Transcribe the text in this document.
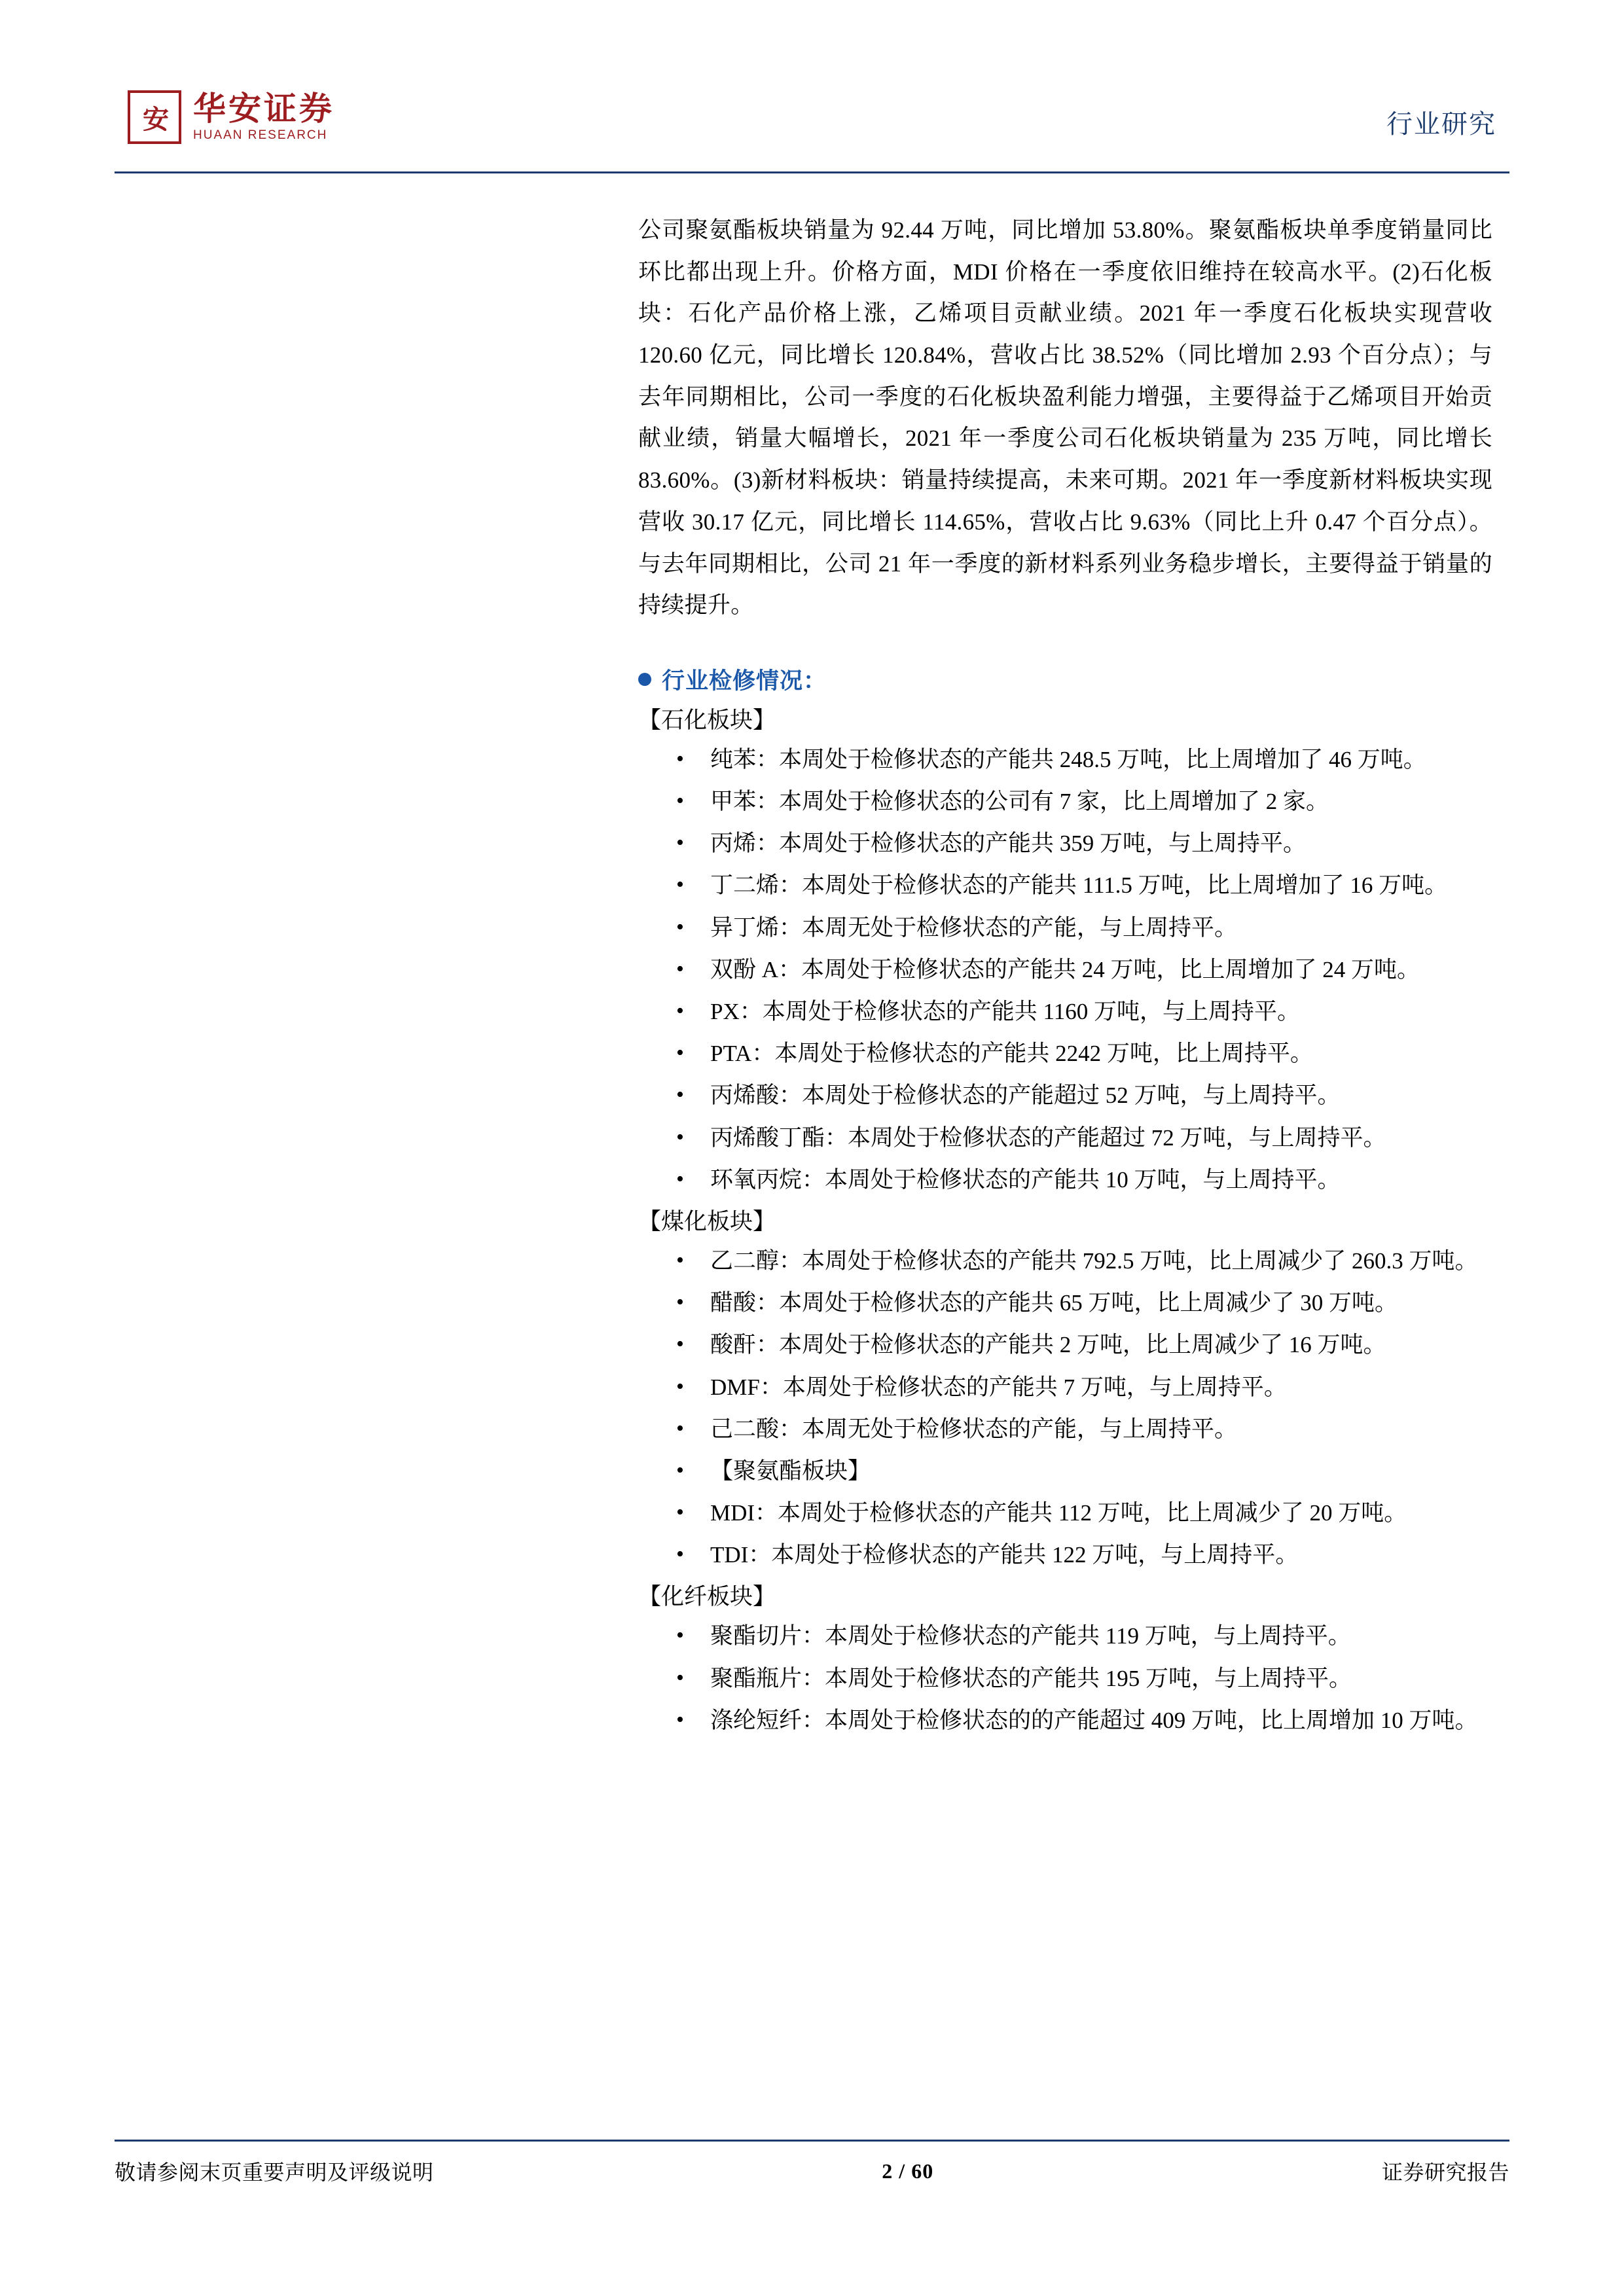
安 华安证券
HUAAN RESEARCH	行业研究

公司聚氨酯板块销量为 92.44 万吨，同比增加 53.80%。聚氨酯板块单季度销量同比环比都出现上升。价格方面，MDI 价格在一季度依旧维持在较高水平。(2)石化板块：石化产品价格上涨，乙烯项目贡献业绩。2021 年一季度石化板块实现营收 120.60 亿元，同比增长 120.84%，营收占比 38.52%（同比增加 2.93 个百分点）；与去年同期相比，公司一季度的石化板块盈利能力增强，主要得益于乙烯项目开始贡献业绩，销量大幅增长，2021 年一季度公司石化板块销量为 235 万吨，同比增长 83.60%。(3)新材料板块：销量持续提高，未来可期。2021 年一季度新材料板块实现营收 30.17 亿元，同比增长 114.65%，营收占比 9.63%（同比上升 0.47 个百分点）。与去年同期相比，公司 21 年一季度的新材料系列业务稳步增长，主要得益于销量的持续提升。

行业检修情况：
【石化板块】
• 纯苯：本周处于检修状态的产能共 248.5 万吨，比上周增加了 46 万吨。
• 甲苯：本周处于检修状态的公司有 7 家，比上周增加了 2 家。
• 丙烯：本周处于检修状态的产能共 359 万吨，与上周持平。
• 丁二烯：本周处于检修状态的产能共 111.5 万吨，比上周增加了 16 万吨。
• 异丁烯：本周无处于检修状态的产能，与上周持平。
• 双酚 A：本周处于检修状态的产能共 24 万吨，比上周增加了 24 万吨。
• PX：本周处于检修状态的产能共 1160 万吨，与上周持平。
• PTA：本周处于检修状态的产能共 2242 万吨，比上周持平。
• 丙烯酸：本周处于检修状态的产能超过 52 万吨，与上周持平。
• 丙烯酸丁酯：本周处于检修状态的产能超过 72 万吨，与上周持平。
• 环氧丙烷：本周处于检修状态的产能共 10 万吨，与上周持平。
【煤化板块】
• 乙二醇：本周处于检修状态的产能共 792.5 万吨，比上周减少了 260.3 万吨。
• 醋酸：本周处于检修状态的产能共 65 万吨，比上周减少了 30 万吨。
• 酸酐：本周处于检修状态的产能共 2 万吨，比上周减少了 16 万吨。
• DMF：本周处于检修状态的产能共 7 万吨，与上周持平。
• 己二酸：本周无处于检修状态的产能，与上周持平。
• 【聚氨酯板块】
• MDI：本周处于检修状态的产能共 112 万吨，比上周减少了 20 万吨。
• TDI：本周处于检修状态的产能共 122 万吨，与上周持平。
【化纤板块】
• 聚酯切片：本周处于检修状态的产能共 119 万吨，与上周持平。
• 聚酯瓶片：本周处于检修状态的产能共 195 万吨，与上周持平。
• 涤纶短纤：本周处于检修状态的的产能超过 409 万吨，比上周增加 10 万吨。
敬请参阅末页重要声明及评级说明	2 / 60	证券研究报告
